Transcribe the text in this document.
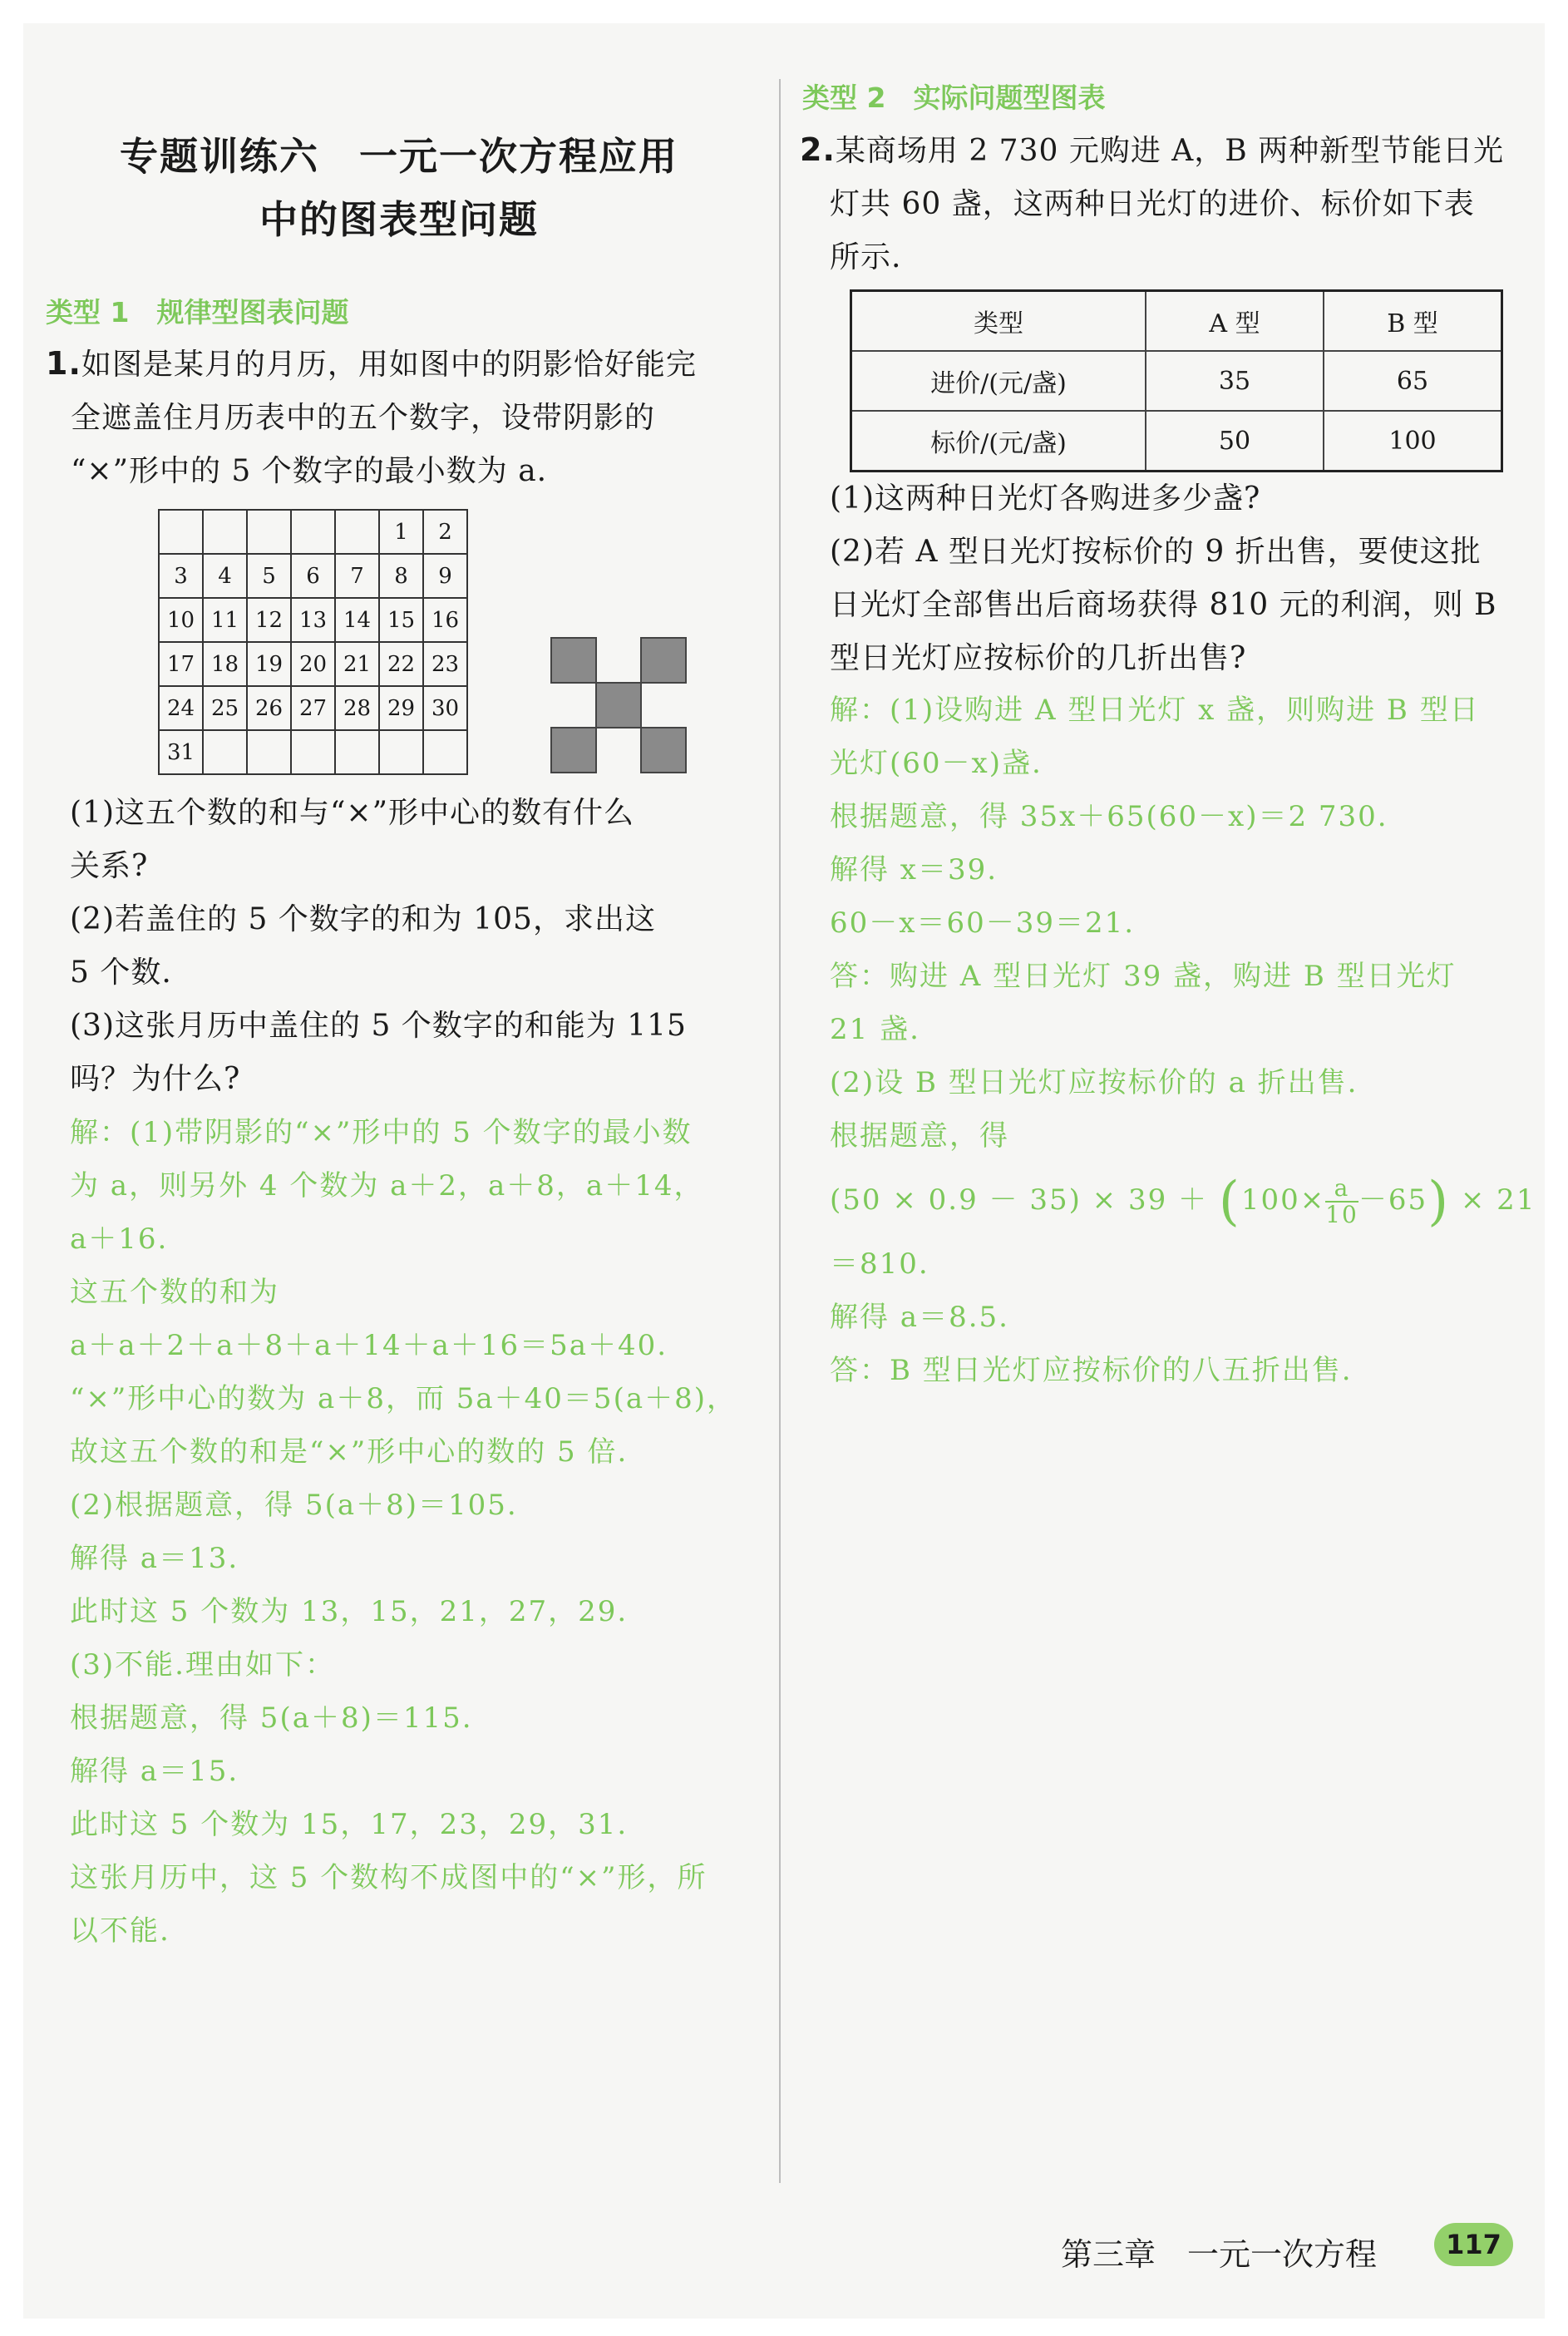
专题训练六　一元一次方程应用
中的图表型问题
类型 1　规律型图表问题
1.如图是某月的月历，用如图中的阴影恰好能完
全遮盖住月历表中的五个数字，设带阴影的
“×”形中的 5 个数字的最小数为 a.
					1	2
3	4	5	6	7	8	9
10	11	12	13	14	15	16
17	18	19	20	21	22	23
24	25	26	27	28	29	30
31						
(1)这五个数的和与“×”形中心的数有什么
关系?
(2)若盖住的 5 个数字的和为 105，求出这
5 个数.
(3)这张月历中盖住的 5 个数字的和能为 115
吗？为什么?
解：(1)带阴影的“×”形中的 5 个数字的最小数
为 a，则另外 4 个数为 a＋2，a＋8，a＋14，
a＋16.
这五个数的和为
a＋a＋2＋a＋8＋a＋14＋a＋16＝5a＋40.
“×”形中心的数为 a＋8，而 5a＋40＝5(a＋8)，
故这五个数的和是“×”形中心的数的 5 倍.
(2)根据题意，得 5(a＋8)＝105.
解得 a＝13.
此时这 5 个数为 13，15，21，27，29.
(3)不能.理由如下：
根据题意，得 5(a＋8)＝115.
解得 a＝15.
此时这 5 个数为 15，17，23，29，31.
这张月历中，这 5 个数构不成图中的“×”形，所
以不能.
类型 2　实际问题型图表
2.某商场用 2 730 元购进 A，B 两种新型节能日光
灯共 60 盏，这两种日光灯的进价、标价如下表
所示.
类型	A 型	B 型
进价/(元/盏)	35	65
标价/(元/盏)	50	100
(1)这两种日光灯各购进多少盏?
(2)若 A 型日光灯按标价的 9 折出售，要使这批
日光灯全部售出后商场获得 810 元的利润，则 B
型日光灯应按标价的几折出售?
解：(1)设购进 A 型日光灯 x 盏，则购进 B 型日
光灯(60－x)盏.
根据题意，得 35x＋65(60－x)＝2 730.
解得 x＝39.
60－x＝60－39＝21.
答：购进 A 型日光灯 39 盏，购进 B 型日光灯
21 盏.
(2)设 B 型日光灯应按标价的 a 折出售.
根据题意，得
$(50 \times 0.9 - 35) \times 39 + (100\times \frac{a}{10} -65) \times 21$
＝810.
解得 a＝8.5.
答：B 型日光灯应按标价的八五折出售.
第三章　一元一次方程	117
